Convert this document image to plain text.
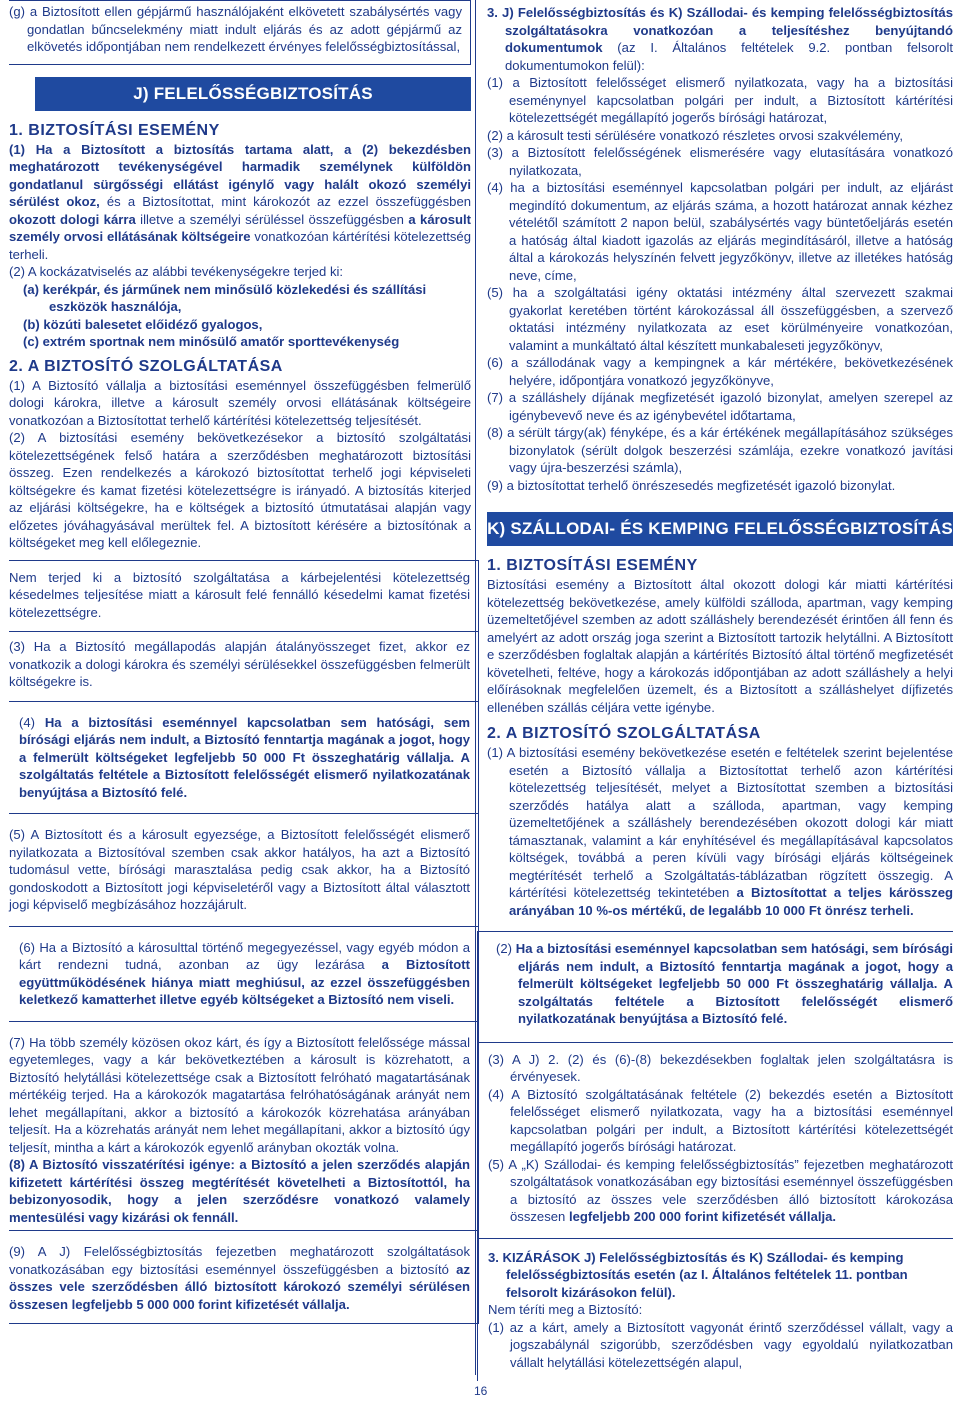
(g) a Biztosított ellen gépjármű használójaként elkövetett szabálysértés vagy gondatlan bűncselekmény miatt indult eljárás és az adott gépjármű az elkövetés időpontjában nem rendelkezett érvényes felelősségbiztosítással,

J) FELELŐSSÉGBIZTOSÍTÁS
1. BIZTOSÍTÁSI ESEMÉNY

(1) Ha a Biztosított a biztosítás tartama alatt, a (2) bekezdésben meghatározott tevékenységével harmadik személynek külföldön gondatlanul sürgősségi ellátást igénylő vagy halált okozó személyi sérülést okoz, és a Biztosítottat, mint károkozót az ezzel összefüggésben okozott dologi kárra illetve a személyi sérüléssel összefüggésben a károsult személy orvosi ellátásának költségeire vonatkozóan kártérítési kötelezettség terheli.

(2) A kockázatviselés az alábbi tevékenységekre terjed ki:

(a) kerékpár, és járműnek nem minősülő közlekedési és szállítási eszközök használója,

(b) közúti balesetet előidéző gyalogos,

(c) extrém sportnak nem minősülő amatőr sporttevékenység

2. A BIZTOSÍTÓ SZOLGÁLTATÁSA

(1) A Biztosító vállalja a biztosítási eseménnyel összefüggésben felmerülő dologi károkra, illetve a károsult személy orvosi ellátásának költségeire vonatkozóan a Biztosítottat terhelő kártérítési kötelezettség teljesítését.

(2) A biztosítási esemény bekövetkezésekor a biztosító szolgáltatási kötelezettségének felső határa a szerződésben meghatározott biztosítási összeg. Ezen rendelkezés a károkozó biztosítottat terhelő jogi képviseleti költségekre és kamat fizetési kötelezettségre is irányadó. A biztosítás kiterjed az eljárási költségekre, ha e költségek a biztosító útmutatásai alapján vagy előzetes jóváhagyásával merültek fel. A biztosított kérésére a biztosítónak a költségeket meg kell előlegeznie.

Nem terjed ki a biztosító szolgáltatása a kárbejelentési kötelezettség késedelmes teljesítése miatt a károsult felé fennálló késedelmi kamat fizetési kötelezettségre.

(3) Ha a Biztosító megállapodás alapján átalányösszeget fizet, akkor ez vonatkozik a dologi károkra és személyi sérülésekkel összefüggésben felmerült költségekre is.

(4) Ha a biztosítási eseménnyel kapcsolatban sem hatósági, sem bírósági eljárás nem indult, a Biztosító fenntartja magának a jogot, hogy a felmerült költségeket legfeljebb 50 000 Ft összeghatárig vállalja. A szolgáltatás feltétele a Biztosított felelősségét elismerő nyilatkozatának benyújtása a Biztosító felé.

(5) A Biztosított és a károsult egyezsége, a Biztosított felelősségét elismerő nyilatkozata a Biztosítóval szemben csak akkor hatályos, ha azt a Biztosító tudomásul vette, bírósági marasztalása pedig csak akkor, ha a Biztosító gondoskodott a Biztosított jogi képviseletéről vagy a Biztosított által választott jogi képviselő megbízásához hozzájárult.

(6) Ha a Biztosító a károsulttal történő megegyezéssel, vagy egyéb módon a kárt rendezni tudná, azonban az ügy lezárása a Biztosított együttműködésének hiánya miatt meghiúsul, az ezzel összefüggésben keletkező kamatterhet illetve egyéb költségeket a Biztosító nem viseli.

(7) Ha több személy közösen okoz kárt, és így a Biztosított felelőssége mással egyetemleges, vagy a kár bekövetkeztében a károsult is közrehatott, a Biztosító helytállási kötelezettsége csak a Biztosított felróható magatartásának mértékéig terjed. Ha a károkozók magatartása felróhatóságának arányát nem lehet megállapítani, akkor a biztosító a károkozók közrehatása arányában teljesít. Ha a közrehatás arányát nem lehet megállapítani, akkor a biztosító úgy teljesít, mintha a kárt a károkozók egyenlő arányban okozták volna.

(8) A Biztosító visszatérítési igénye: a Biztosító a jelen szerződés alapján kifizetett kártérítési összeg megtérítését követelheti a Biztosítottól, ha bebizonyosodik, hogy a jelen szerződésre vonatkozó valamely mentesülési vagy kizárási ok fennáll.

(9) A J) Felelősségbiztosítás fejezetben meghatározott szolgáltatások vonatkozásában egy biztosítási eseménnyel összefüggésben a biztosító az összes vele szerződésben álló biztosított károkozó személyi sérülésen összesen legfeljebb 5 000 000 forint kifizetését vállalja.

3. J) Felelősségbiztosítás és K) Szállodai- és kemping felelősségbiztosítás szolgáltatásokra vonatkozóan a teljesítéshez benyújtandó dokumentumok (az I. Általános feltételek 9.2. pontban felsorolt dokumentumokon felül):

(1) a Biztosított felelősséget elismerő nyilatkozata, vagy ha a biztosítási eseménynyel kapcsolatban polgári per indult, a Biztosított kártérítési kötelezettségét megállapító jogerős bírósági határozat,

(2) a károsult testi sérülésére vonatkozó részletes orvosi szakvélemény,

(3) a Biztosított felelősségének elismerésére vagy elutasítására vonatkozó nyilatkozata,

(4) ha a biztosítási eseménnyel kapcsolatban polgári per indult, az eljárást megindító dokumentum, az eljárás száma, a hozott határozat annak kézhez vételétől számított 2 napon belül, szabálysértés vagy büntetőeljárás esetén a hatóság által kiadott igazolás az eljárás megindításáról, illetve a hatóság által a károkozás helyszínén felvett jegyzőkönyv, illetve az illetékes hatóság neve, címe,

(5) ha a szolgáltatási igény oktatási intézmény által szervezett szakmai gyakorlat keretében történt károkozással áll összefüggésben, a szervező oktatási intézmény nyilatkozata az eset körülményeire vonatkozóan, valamint a munkáltató által készített munkabaleseti jegyzőkönyv,

(6) a szállodának vagy a kempingnek a kár mértékére, bekövetkezésének helyére, időpontjára vonatkozó jegyzőkönyve,

(7) a szálláshely díjának megfizetését igazoló bizonylat, amelyen szerepel az igénybevevő neve és az igénybevétel időtartama,

(8) a sérült tárgy(ak) fényképe, és a kár értékének megállapításához szükséges bizonylatok (sérült dolgok beszerzési számlája, ezekre vonatkozó javítási vagy újra-beszerzési számla),

(9) a biztosítottat terhelő önrészesedés megfizetését igazoló bizonylat.

K) SZÁLLODAI- ÉS KEMPING FELELŐSSÉGBIZTOSÍTÁS
1. BIZTOSÍTÁSI ESEMÉNY

Biztosítási esemény a Biztosított által okozott dologi kár miatti kártérítési kötelezettség bekövetkezése, amely külföldi szálloda, apartman, vagy kemping üzemeltetőjével szemben az adott szálláshely berendezését érintően áll fenn és amelyért az adott ország joga szerint a Biztosított tartozik helytállni. A Biztosított e szerződésben foglaltak alapján a kártérítés Biztosító által történő megfizetését követelheti, feltéve, hogy a károkozás időpontjában az adott szálláshely a helyi előírásoknak megfelelően üzemelt, és a Biztosított a szálláshelyet díjfizetés ellenében szállás céljára vette igénybe.

2. A BIZTOSÍTÓ SZOLGÁLTATÁSA

(1) A biztosítási esemény bekövetkezése esetén e feltételek szerint bejelentése esetén a Biztosító vállalja a Biztosítottat terhelő azon kártérítési kötelezettség teljesítését, melyet a Biztosítottat szemben a biztosítási szerződés hatálya alatt a szálloda, apartman, vagy kemping üzemeltetőjének a szálláshely berendezésében okozott dologi kár miatt támasztanak, valamint a kár enyhítésével és megállapításával kapcsolatos költségek, továbbá a peren kívüli vagy bírósági eljárás költségeinek megtérítését terhelő a Szolgáltatás-táblázatban rögzített összegig. A kártérítési kötelezettség tekintetében a Biztosítottat a teljes kárösszeg arányában 10 %-os mértékű, de legalább 10 000 Ft önrész terheli.

(2) Ha a biztosítási eseménnyel kapcsolatban sem hatósági, sem bírósági eljárás nem indult, a Biztosító fenntartja magának a jogot, hogy a felmerült költségeket legfeljebb 50 000 Ft összeghatárig vállalja. A szolgáltatás feltétele a Biztosított felelősségét elismerő nyilatkozatának benyújtása a Biztosító felé.

(3) A J) 2. (2) és (6)-(8) bekezdésekben foglaltak jelen szolgáltatásra is érvényesek.

(4) A Biztosító szolgáltatásának feltétele (2) bekezdés esetén a Biztosított felelősséget elismerő nyilatkozata, vagy ha a biztosítási eseménnyel kapcsolatban polgári per indult, a Biztosított kártérítési kötelezettségét megállapító jogerős bírósági határozat.

(5) A „K) Szállodai- és kemping felelősségbiztosítás” fejezetben meghatározott szolgáltatások vonatkozásában egy biztosítási eseménnyel összefüggésben a biztosító az összes vele szerződésben álló biztosított károkozása összesen legfeljebb 200 000 forint kifizetését vállalja.

3. KIZÁRÁSOK J) Felelősségbiztosítás és K) Szállodai- és kemping felelősségbiztosítás esetén (az I. Általános feltételek 11. pontban felsorolt kizárásokon felül).

Nem téríti meg a Biztosító:

(1) az a kárt, amely a Biztosított vagyonát érintő szerződéssel vállalt, vagy a jogszabálynál szigorúbb, szerződésben vagy egyoldalú nyilatkozatban vállalt helytállási kötelezettségén alapul,

16
